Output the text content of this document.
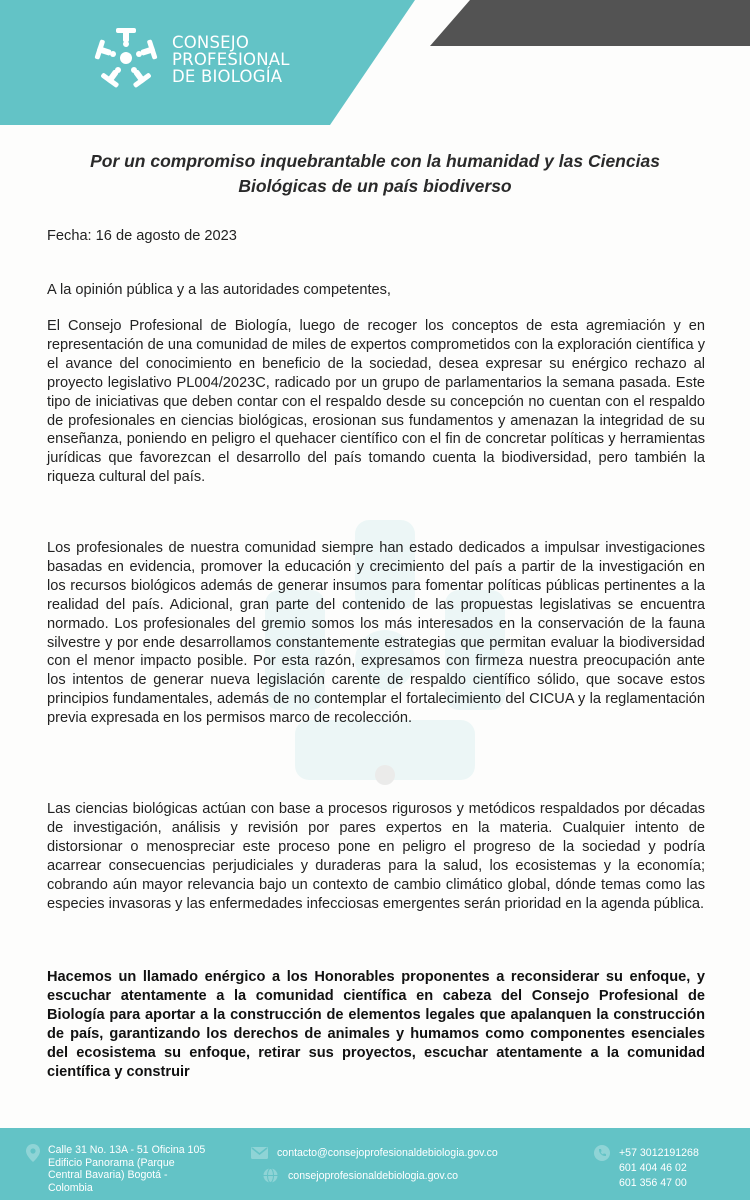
CONSEJO
PROFESIONAL
DE BIOLOGÍA
Por un compromiso inquebrantable con la humanidad y las Ciencias
Biológicas de un país biodiverso
Fecha: 16 de agosto de 2023
A la opinión pública y a las autoridades competentes,
El Consejo Profesional de Biología, luego de recoger los conceptos de esta agremiación y en representación de una comunidad de miles de expertos comprometidos con la exploración científica y el avance del conocimiento en beneficio de la sociedad, desea expresar su enérgico rechazo al proyecto legislativo PL004/2023C, radicado por un grupo de parlamentarios la semana pasada. Este tipo de iniciativas que deben contar con el respaldo desde su concepción no cuentan con el respaldo de profesionales en ciencias biológicas, erosionan sus fundamentos y amenazan la integridad de su enseñanza, poniendo en peligro el quehacer científico con el fin de concretar políticas y herramientas jurídicas que favorezcan el desarrollo del país tomando cuenta la biodiversidad, pero también la riqueza cultural del país.
Los profesionales de nuestra comunidad siempre han estado dedicados a impulsar investigaciones basadas en evidencia, promover la educación y crecimiento del país a partir de la investigación en los recursos biológicos además de generar insumos para fomentar políticas públicas pertinentes a la realidad del país. Adicional, gran parte del contenido de las propuestas legislativas se encuentra normado. Los profesionales del gremio somos los más interesados en la conservación de la fauna silvestre y por ende desarrollamos constantemente estrategias que permitan evaluar la biodiversidad con el menor impacto posible. Por esta razón, expresamos con firmeza nuestra preocupación ante los intentos de generar nueva legislación carente de respaldo científico sólido, que socave estos principios fundamentales, además de no contemplar el fortalecimiento del CICUA y la reglamentación previa expresada en los permisos marco de recolección.
Las ciencias biológicas actúan con base a procesos rigurosos y metódicos respaldados por décadas de investigación, análisis y revisión por pares expertos en la materia. Cualquier intento de distorsionar o menospreciar este proceso pone en peligro el progreso de la sociedad y podría acarrear consecuencias perjudiciales y duraderas para la salud, los ecosistemas y la economía; cobrando aún mayor relevancia bajo un contexto de cambio climático global, dónde temas como las especies invasoras y las enfermedades infecciosas emergentes serán prioridad en la agenda pública.
Hacemos un llamado enérgico a los Honorables proponentes a reconsiderar su enfoque, y escuchar atentamente a la comunidad científica en cabeza del Consejo Profesional de Biología para aportar a la construcción de elementos legales que apalanquen la construcción de país, garantizando los derechos de animales y humamos como componentes esenciales del ecosistema su enfoque, retirar sus proyectos, escuchar atentamente a la comunidad científica y construir
Calle 31 No. 13A - 51 Oficina 105
Edificio Panorama (Parque
Central Bavaria) Bogotá -
Colombia
contacto@consejoprofesionaldebiologia.gov.co
consejoprofesionaldebiologia.gov.co
+57 3012191268
601 404 46 02
601 356 47 00
